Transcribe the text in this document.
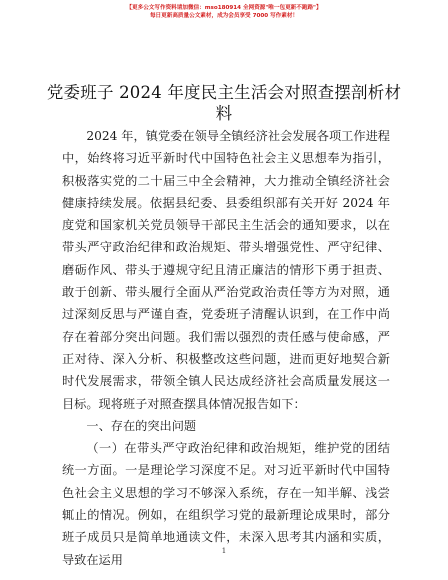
【更多公文写作资料请加微信：mso180914 全网资源"唯一包更新不跑路"】
每日更新高质量公文素材，成为会员享受 7000 写作素材！
党委班子 2024 年度民主生活会对照查摆剖析材料

2024 年，镇党委在领导全镇经济社会发展各项工作进程中，始终将习近平新时代中国特色社会主义思想奉为指引，积极落实党的二十届三中全会精神，大力推动全镇经济社会健康持续发展。依据县纪委、县委组织部有关开好 2024 年度党和国家机关党员领导干部民主生活会的通知要求，以在带头严守政治纪律和政治规矩、带头增强党性、严守纪律、磨砺作风、带头于遵规守纪且清正廉洁的情形下勇于担责、敢于创新、带头履行全面从严治党政治责任等方为对照，通过深刻反思与严谨自查，党委班子清醒认识到，在工作中尚存在着部分突出问题。我们需以强烈的责任感与使命感，严正对待、深入分析、积极整改这些问题，进而更好地契合新时代发展需求，带领全镇人民达成经济社会高质量发展这一目标。现将班子对照查摆具体情况报告如下：

一、存在的突出问题

（一）在带头严守政治纪律和政治规矩，维护党的团结统一方面。一是理论学习深度不足。对习近平新时代中国特色社会主义思想的学习不够深入系统，存在一知半解、浅尝辄止的情况。例如，在组织学习党的最新理论成果时，部分班子成员只是简单地通读文件，未深入思考其内涵和实质，导致在运用

1
